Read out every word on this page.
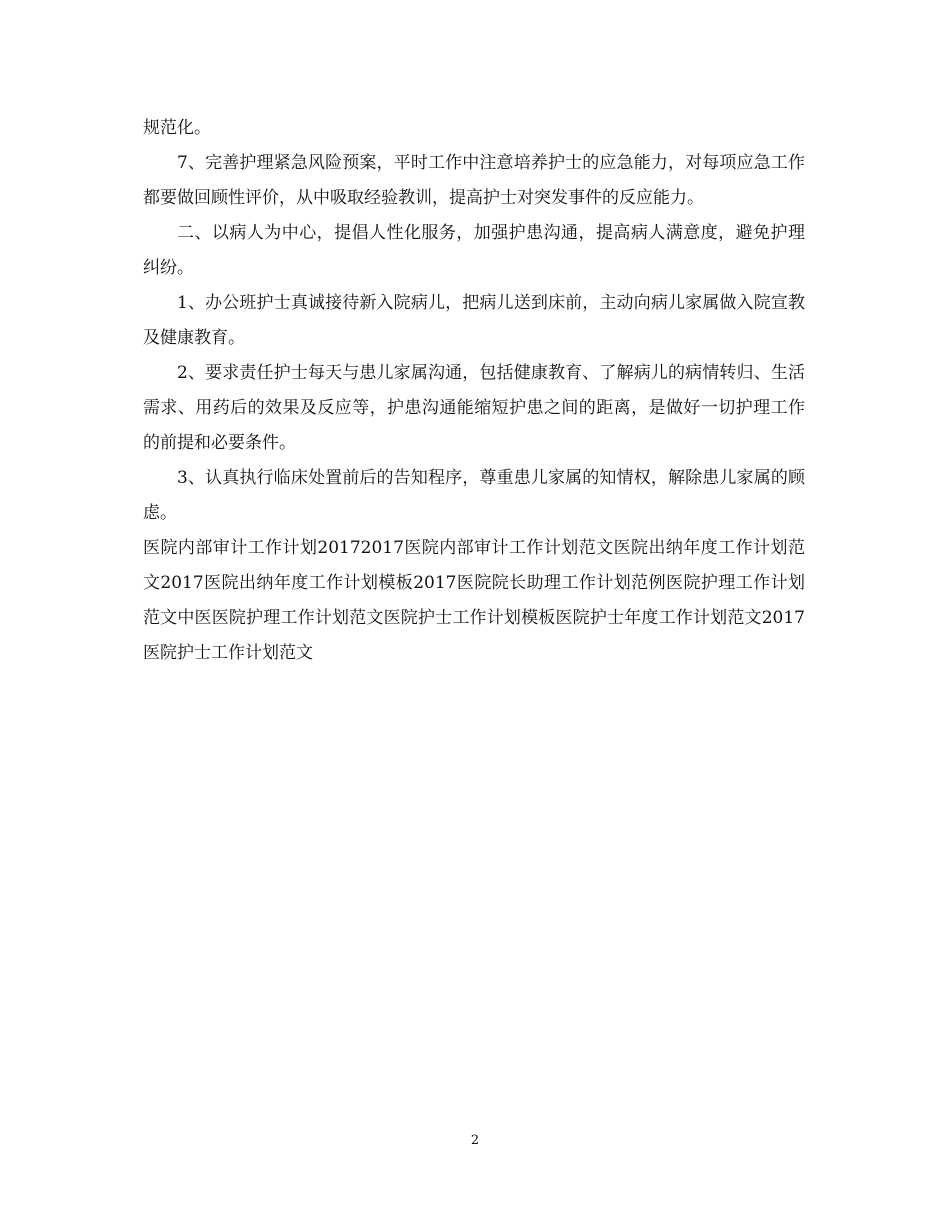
规范化。

7、完善护理紧急风险预案，平时工作中注意培养护士的应急能力，对每项应急工作都要做回顾性评价，从中吸取经验教训，提高护士对突发事件的反应能力。

二、以病人为中心，提倡人性化服务，加强护患沟通，提高病人满意度，避免护理纠纷。

1、办公班护士真诚接待新入院病儿，把病儿送到床前，主动向病儿家属做入院宣教及健康教育。

2、要求责任护士每天与患儿家属沟通，包括健康教育、了解病儿的病情转归、生活需求、用药后的效果及反应等，护患沟通能缩短护患之间的距离，是做好一切护理工作的前提和必要条件。

3、认真执行临床处置前后的告知程序，尊重患儿家属的知情权，解除患儿家属的顾虑。

医院内部审计工作计划20172017医院内部审计工作计划范文医院出纳年度工作计划范文2017医院出纳年度工作计划模板2017医院院长助理工作计划范例医院护理工作计划范文中医医院护理工作计划范文医院护士工作计划模板医院护士年度工作计划范文2017医院护士工作计划范文

2
